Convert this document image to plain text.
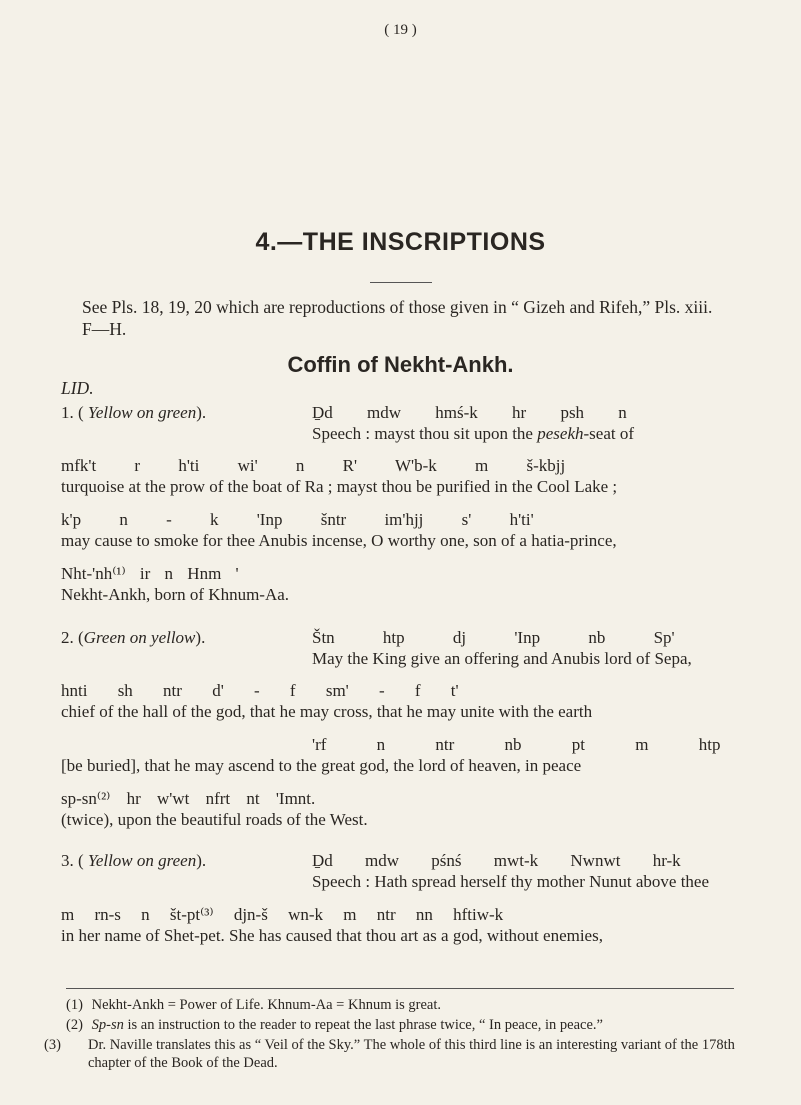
( 19 )
4.—THE INSCRIPTIONS
See Pls. 18, 19, 20 which are reproductions of those given in “ Gizeh and Rifeh,” Pls. xiii. F—H.
Coffin of Nekht-Ankh.
LID.
1. ( Yellow on green).	Ḏd mdw hmś-k hr psh n
Speech : mayst thou sit upon the pesekh-seat of
mfk't r h'ti wi' n R' W'b-k m š-kbjj
turquoise at the prow of the boat of Ra ; mayst thou be purified in the Cool Lake ;
k'p n - k 'Inp šntr im'hjj s' h'ti'
may cause to smoke for thee Anubis incense, O worthy one, son of a hatia-prince,
Nht-'nh⁽¹⁾ ir n Hnm '
Nekht-Ankh, born of Khnum-Aa.
2. (Green on yellow).	Štn htp dj 'Inp nb Sp'
May the King give an offering and Anubis lord of Sepa,
hnti sh ntr d' - f sm' - f t'
chief of the hall of the god, that he may cross, that he may unite with the earth
'rf n ntr nb pt m htp
[be buried], that he may ascend to the great god, the lord of heaven, in peace
sp-sn⁽²⁾ hr w'wt nfrt nt 'Imnt.
(twice), upon the beautiful roads of the West.
3. ( Yellow on green).	Ḏd mdw pśnś mwt-k Nwnwt hr-k
Speech : Hath spread herself thy mother Nunut above thee
m rn-s n št-pt⁽³⁾ djn-š wn-k m ntr nn hftiw-k
in her name of Shet-pet. She has caused that thou art as a god, without enemies,
(1) Nekht-Ankh = Power of Life. Khnum-Aa = Khnum is great.
(2) Sp-sn is an instruction to the reader to repeat the last phrase twice, “ In peace, in peace.”
(3) Dr. Naville translates this as “ Veil of the Sky.” The whole of this third line is an interesting variant of the 178th chapter of the Book of the Dead.
